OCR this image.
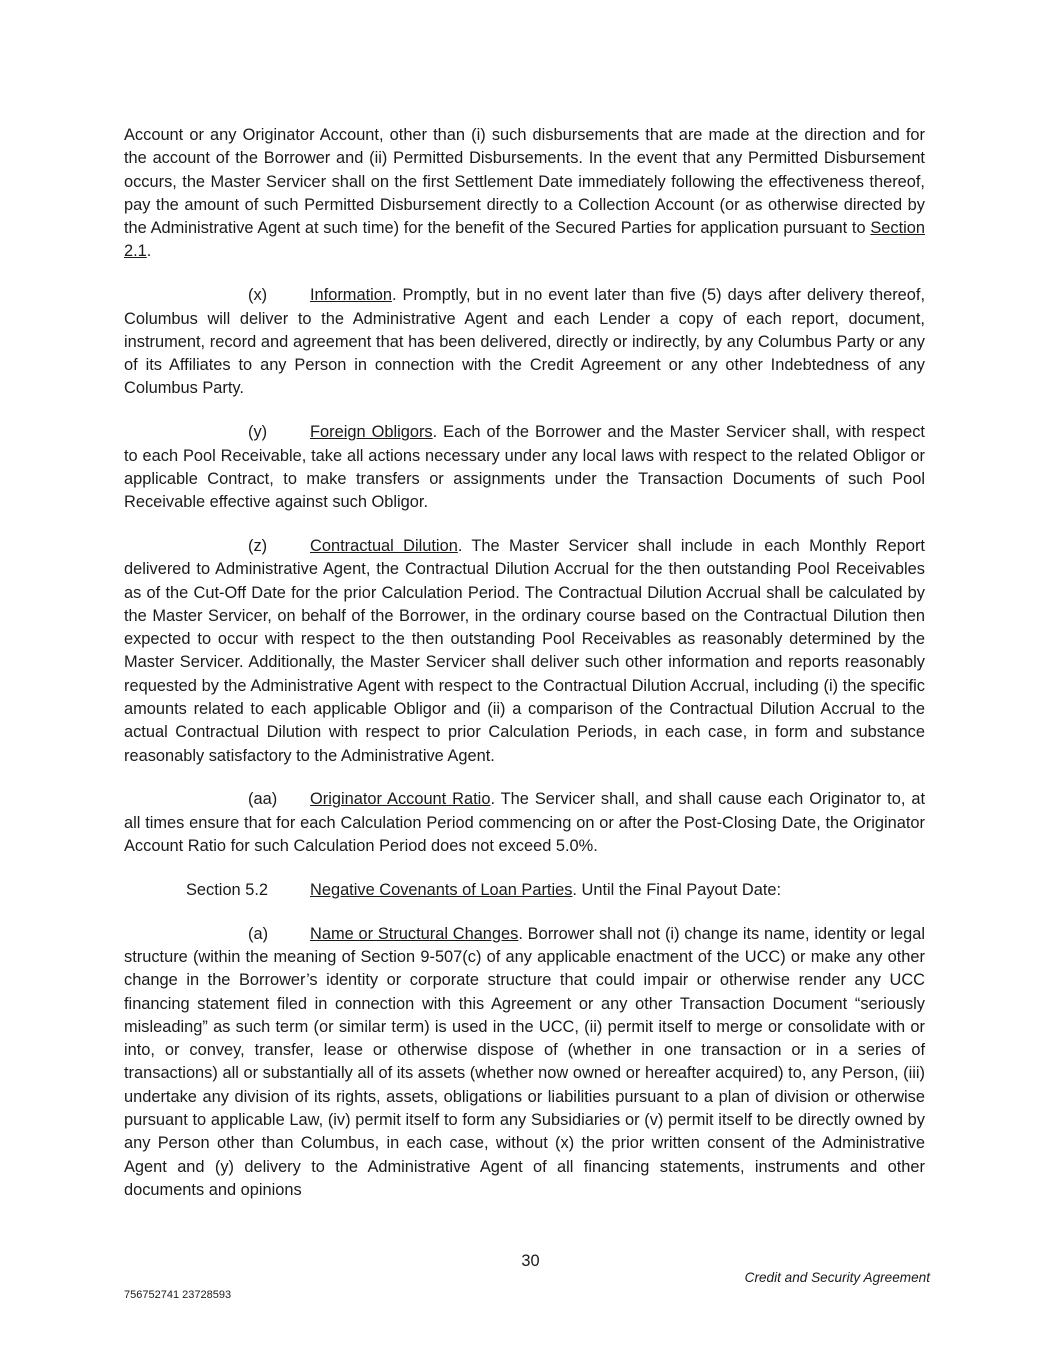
Account or any Originator Account, other than (i) such disbursements that are made at the direction and for the account of the Borrower and (ii) Permitted Disbursements. In the event that any Permitted Disbursement occurs, the Master Servicer shall on the first Settlement Date immediately following the effectiveness thereof, pay the amount of such Permitted Disbursement directly to a Collection Account (or as otherwise directed by the Administrative Agent at such time) for the benefit of the Secured Parties for application pursuant to Section 2.1.

(x)	Information. Promptly, but in no event later than five (5) days after delivery thereof, Columbus will deliver to the Administrative Agent and each Lender a copy of each report, document, instrument, record and agreement that has been delivered, directly or indirectly, by any Columbus Party or any of its Affiliates to any Person in connection with the Credit Agreement or any other Indebtedness of any Columbus Party.

(y)	Foreign Obligors. Each of the Borrower and the Master Servicer shall, with respect to each Pool Receivable, take all actions necessary under any local laws with respect to the related Obligor or applicable Contract, to make transfers or assignments under the Transaction Documents of such Pool Receivable effective against such Obligor.

(z)	Contractual Dilution. The Master Servicer shall include in each Monthly Report delivered to Administrative Agent, the Contractual Dilution Accrual for the then outstanding Pool Receivables as of the Cut-Off Date for the prior Calculation Period. The Contractual Dilution Accrual shall be calculated by the Master Servicer, on behalf of the Borrower, in the ordinary course based on the Contractual Dilution then expected to occur with respect to the then outstanding Pool Receivables as reasonably determined by the Master Servicer. Additionally, the Master Servicer shall deliver such other information and reports reasonably requested by the Administrative Agent with respect to the Contractual Dilution Accrual, including (i) the specific amounts related to each applicable Obligor and (ii) a comparison of the Contractual Dilution Accrual to the actual Contractual Dilution with respect to prior Calculation Periods, in each case, in form and substance reasonably satisfactory to the Administrative Agent.

(aa) Originator Account Ratio. The Servicer shall, and shall cause each Originator to, at all times ensure that for each Calculation Period commencing on or after the Post-Closing Date, the Originator Account Ratio for such Calculation Period does not exceed 5.0%.

Section 5.2	Negative Covenants of Loan Parties. Until the Final Payout Date:

(a)	Name or Structural Changes. Borrower shall not (i) change its name, identity or legal structure (within the meaning of Section 9-507(c) of any applicable enactment of the UCC) or make any other change in the Borrower’s identity or corporate structure that could impair or otherwise render any UCC financing statement filed in connection with this Agreement or any other Transaction Document “seriously misleading” as such term (or similar term) is used in the UCC, (ii) permit itself to merge or consolidate with or into, or convey, transfer, lease or otherwise dispose of (whether in one transaction or in a series of transactions) all or substantially all of its assets (whether now owned or hereafter acquired) to, any Person, (iii) undertake any division of its rights, assets, obligations or liabilities pursuant to a plan of division or otherwise pursuant to applicable Law, (iv) permit itself to form any Subsidiaries or (v) permit itself to be directly owned by any Person other than Columbus, in each case, without (x) the prior written consent of the Administrative Agent and (y) delivery to the Administrative Agent of all financing statements, instruments and other documents and opinions

30
Credit and Security Agreement
756752741 23728593
